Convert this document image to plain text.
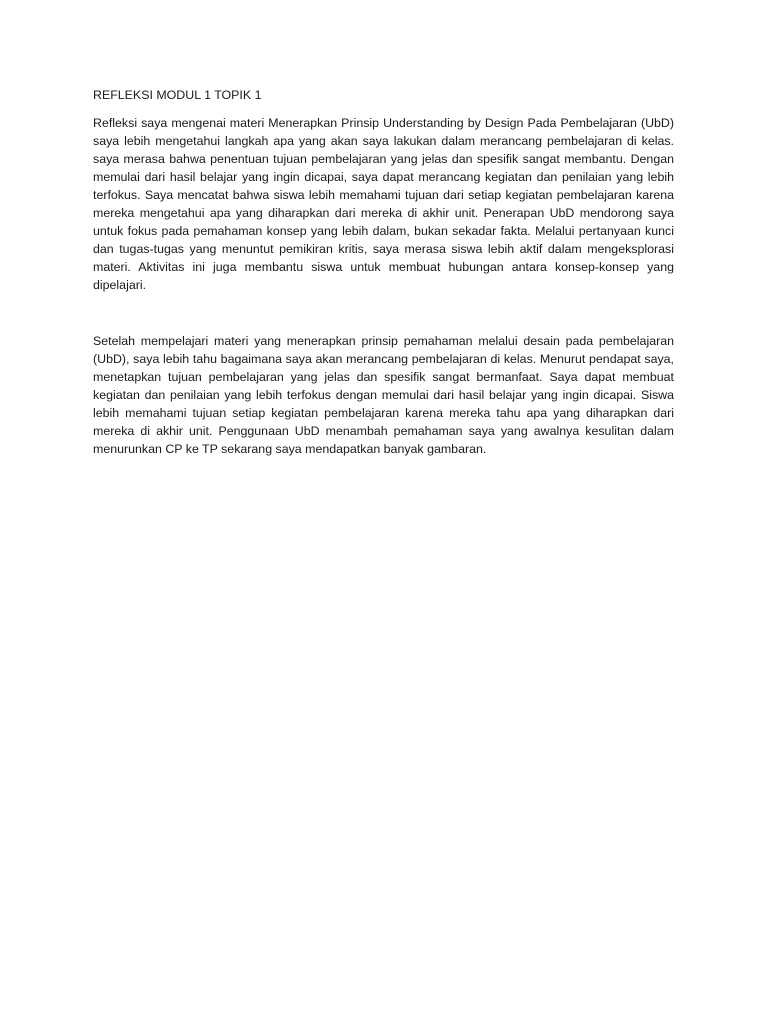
REFLEKSI MODUL 1 TOPIK 1

Refleksi saya mengenai materi Menerapkan Prinsip Understanding by Design Pada Pembelajaran (UbD) saya lebih mengetahui langkah apa yang akan saya lakukan dalam merancang pembelajaran di kelas. saya merasa bahwa penentuan tujuan pembelajaran yang jelas dan spesifik sangat membantu. Dengan memulai dari hasil belajar yang ingin dicapai, saya dapat merancang kegiatan dan penilaian yang lebih terfokus. Saya mencatat bahwa siswa lebih memahami tujuan dari setiap kegiatan pembelajaran karena mereka mengetahui apa yang diharapkan dari mereka di akhir unit. Penerapan UbD mendorong saya untuk fokus pada pemahaman konsep yang lebih dalam, bukan sekadar fakta. Melalui pertanyaan kunci dan tugas-tugas yang menuntut pemikiran kritis, saya merasa siswa lebih aktif dalam mengeksplorasi materi. Aktivitas ini juga membantu siswa untuk membuat hubungan antara konsep-konsep yang dipelajari.

Setelah mempelajari materi yang menerapkan prinsip pemahaman melalui desain pada pembelajaran (UbD), saya lebih tahu bagaimana saya akan merancang pembelajaran di kelas. Menurut pendapat saya, menetapkan tujuan pembelajaran yang jelas dan spesifik sangat bermanfaat. Saya dapat membuat kegiatan dan penilaian yang lebih terfokus dengan memulai dari hasil belajar yang ingin dicapai. Siswa lebih memahami tujuan setiap kegiatan pembelajaran karena mereka tahu apa yang diharapkan dari mereka di akhir unit. Penggunaan UbD menambah pemahaman saya yang awalnya kesulitan dalam menurunkan CP ke TP sekarang saya mendapatkan banyak gambaran.
